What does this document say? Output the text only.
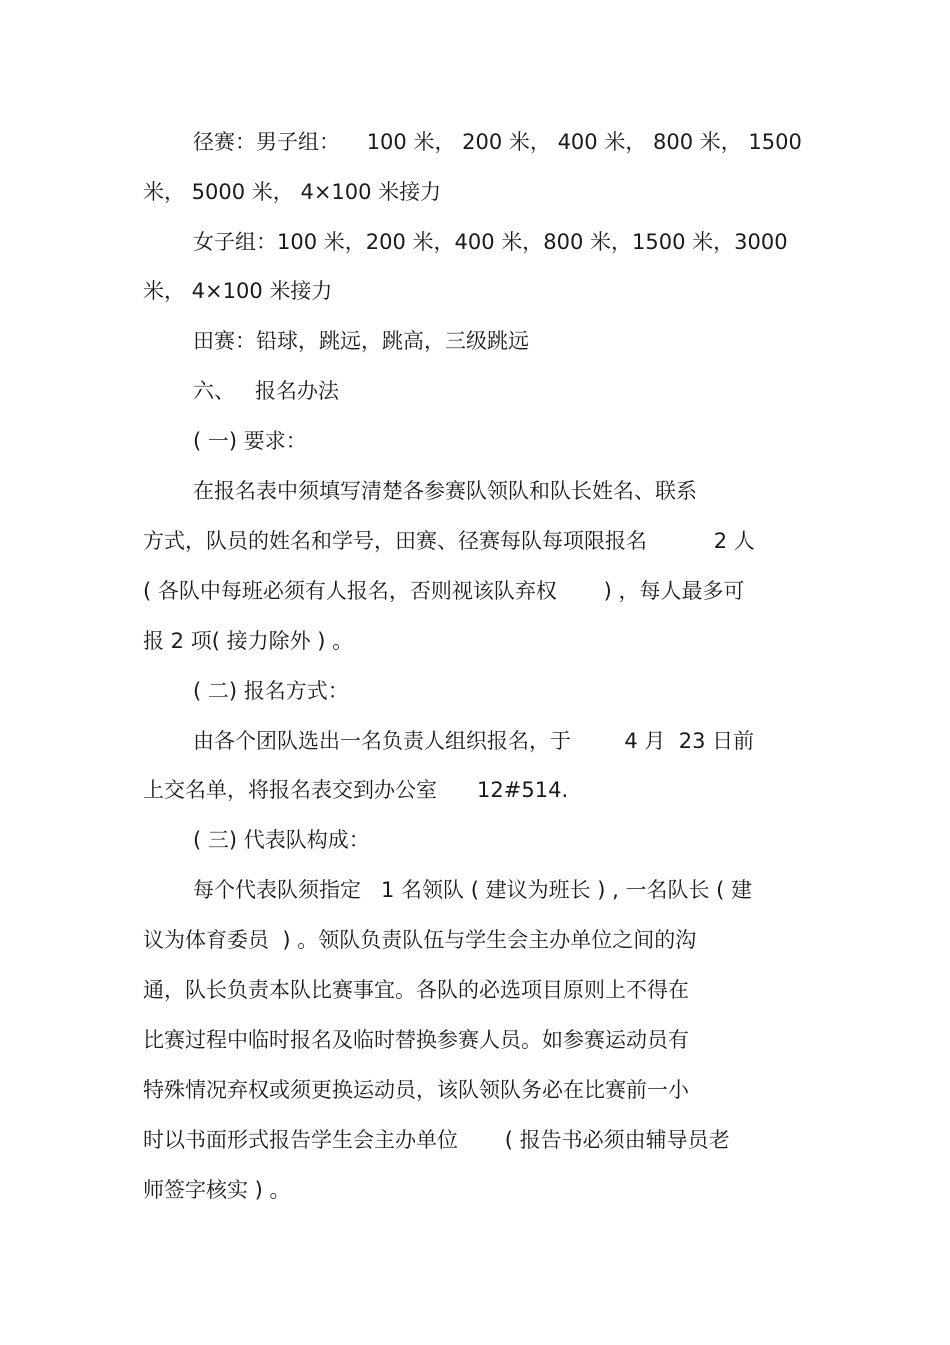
径赛：男子组：    100 米， 200 米， 400 米， 800 米， 1500
米， 5000 米， 4×100 米接力
女子组：100 米，200 米，400 米，800 米，1500 米，3000
米， 4×100 米接力
田赛：铅球，跳远，跳高，三级跳远
六、   报名办法
( 一) 要求：
在报名表中须填写清楚各参赛队领队和队长姓名、联系
方式，队员的姓名和学号，田赛、径赛每队每项限报名          2 人
( 各队中每班必须有人报名，否则视该队弃权       ) ，每人最多可
报 2 项( 接力除外 ) 。
( 二) 报名方式：
由各个团队选出一名负责人组织报名，于        4 月  23 日前
上交名单，将报名表交到办公室      12#514.
( 三) 代表队构成：
每个代表队须指定   1 名领队 ( 建议为班长 ) , 一名队长 ( 建
议为体育委员  ) 。领队负责队伍与学生会主办单位之间的沟
通，队长负责本队比赛事宜。各队的必选项目原则上不得在
比赛过程中临时报名及临时替换参赛人员。如参赛运动员有
特殊情况弃权或须更换运动员，该队领队务必在比赛前一小
时以书面形式报告学生会主办单位       ( 报告书必须由辅导员老
师签字核实 ) 。
